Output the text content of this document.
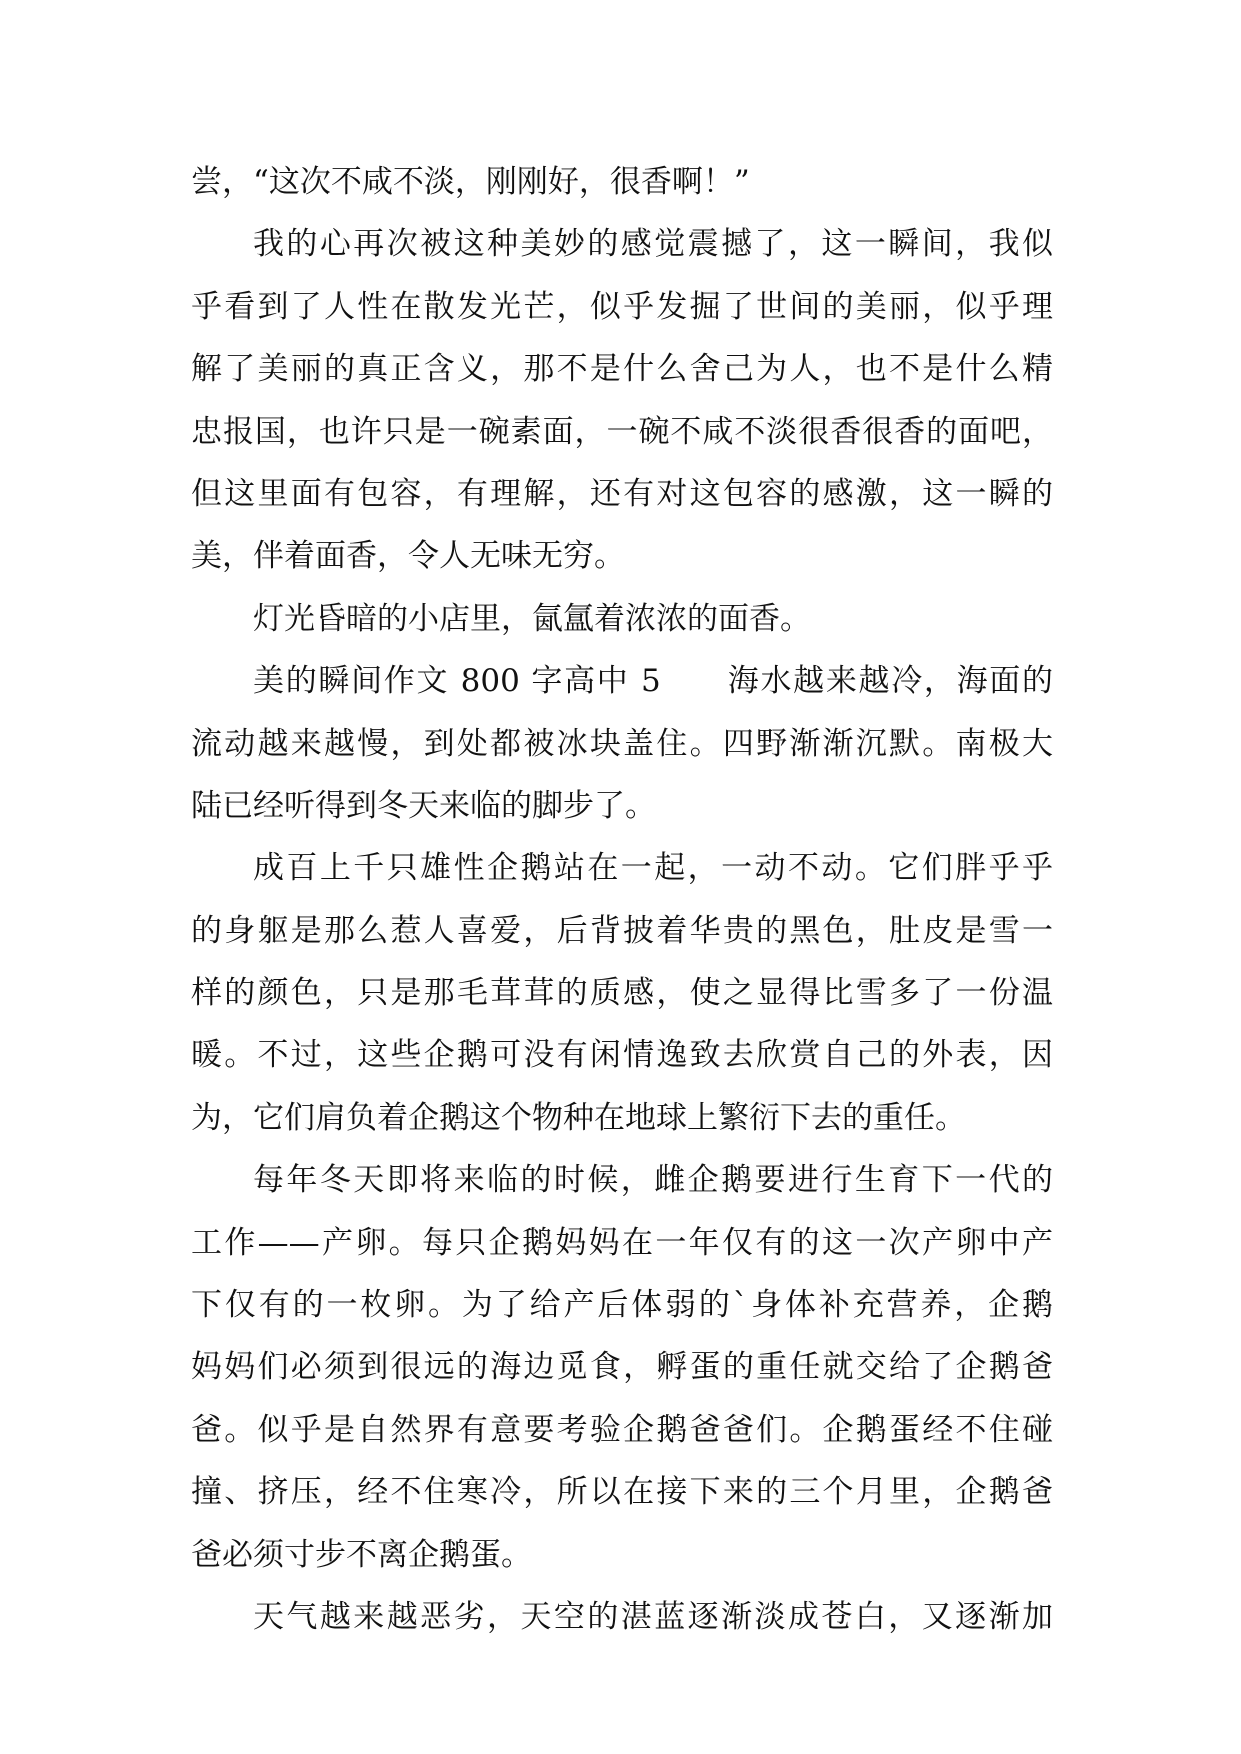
尝，“这次不咸不淡，刚刚好，很香啊！”
我的心再次被这种美妙的感觉震撼了，这一瞬间，我似
乎看到了人性在散发光芒，似乎发掘了世间的美丽，似乎理
解了美丽的真正含义，那不是什么舍己为人，也不是什么精
忠报国，也许只是一碗素面，一碗不咸不淡很香很香的面吧，
但这里面有包容，有理解，还有对这包容的感激，这一瞬的
美，伴着面香，令人无味无穷。
灯光昏暗的小店里，氤氲着浓浓的面香。
美的瞬间作文 800 字高中 5　　海水越来越冷，海面的
流动越来越慢，到处都被冰块盖住。四野渐渐沉默。南极大
陆已经听得到冬天来临的脚步了。
成百上千只雄性企鹅站在一起，一动不动。它们胖乎乎
的身躯是那么惹人喜爱，后背披着华贵的黑色，肚皮是雪一
样的颜色，只是那毛茸茸的质感，使之显得比雪多了一份温
暖。不过，这些企鹅可没有闲情逸致去欣赏自己的外表，因
为，它们肩负着企鹅这个物种在地球上繁衍下去的重任。
每年冬天即将来临的时候，雌企鹅要进行生育下一代的
工作——产卵。每只企鹅妈妈在一年仅有的这一次产卵中产
下仅有的一枚卵。为了给产后体弱的`身体补充营养，企鹅
妈妈们必须到很远的海边觅食，孵蛋的重任就交给了企鹅爸
爸。似乎是自然界有意要考验企鹅爸爸们。企鹅蛋经不住碰
撞、挤压，经不住寒冷，所以在接下来的三个月里，企鹅爸
爸必须寸步不离企鹅蛋。
天气越来越恶劣，天空的湛蓝逐渐淡成苍白，又逐渐加
